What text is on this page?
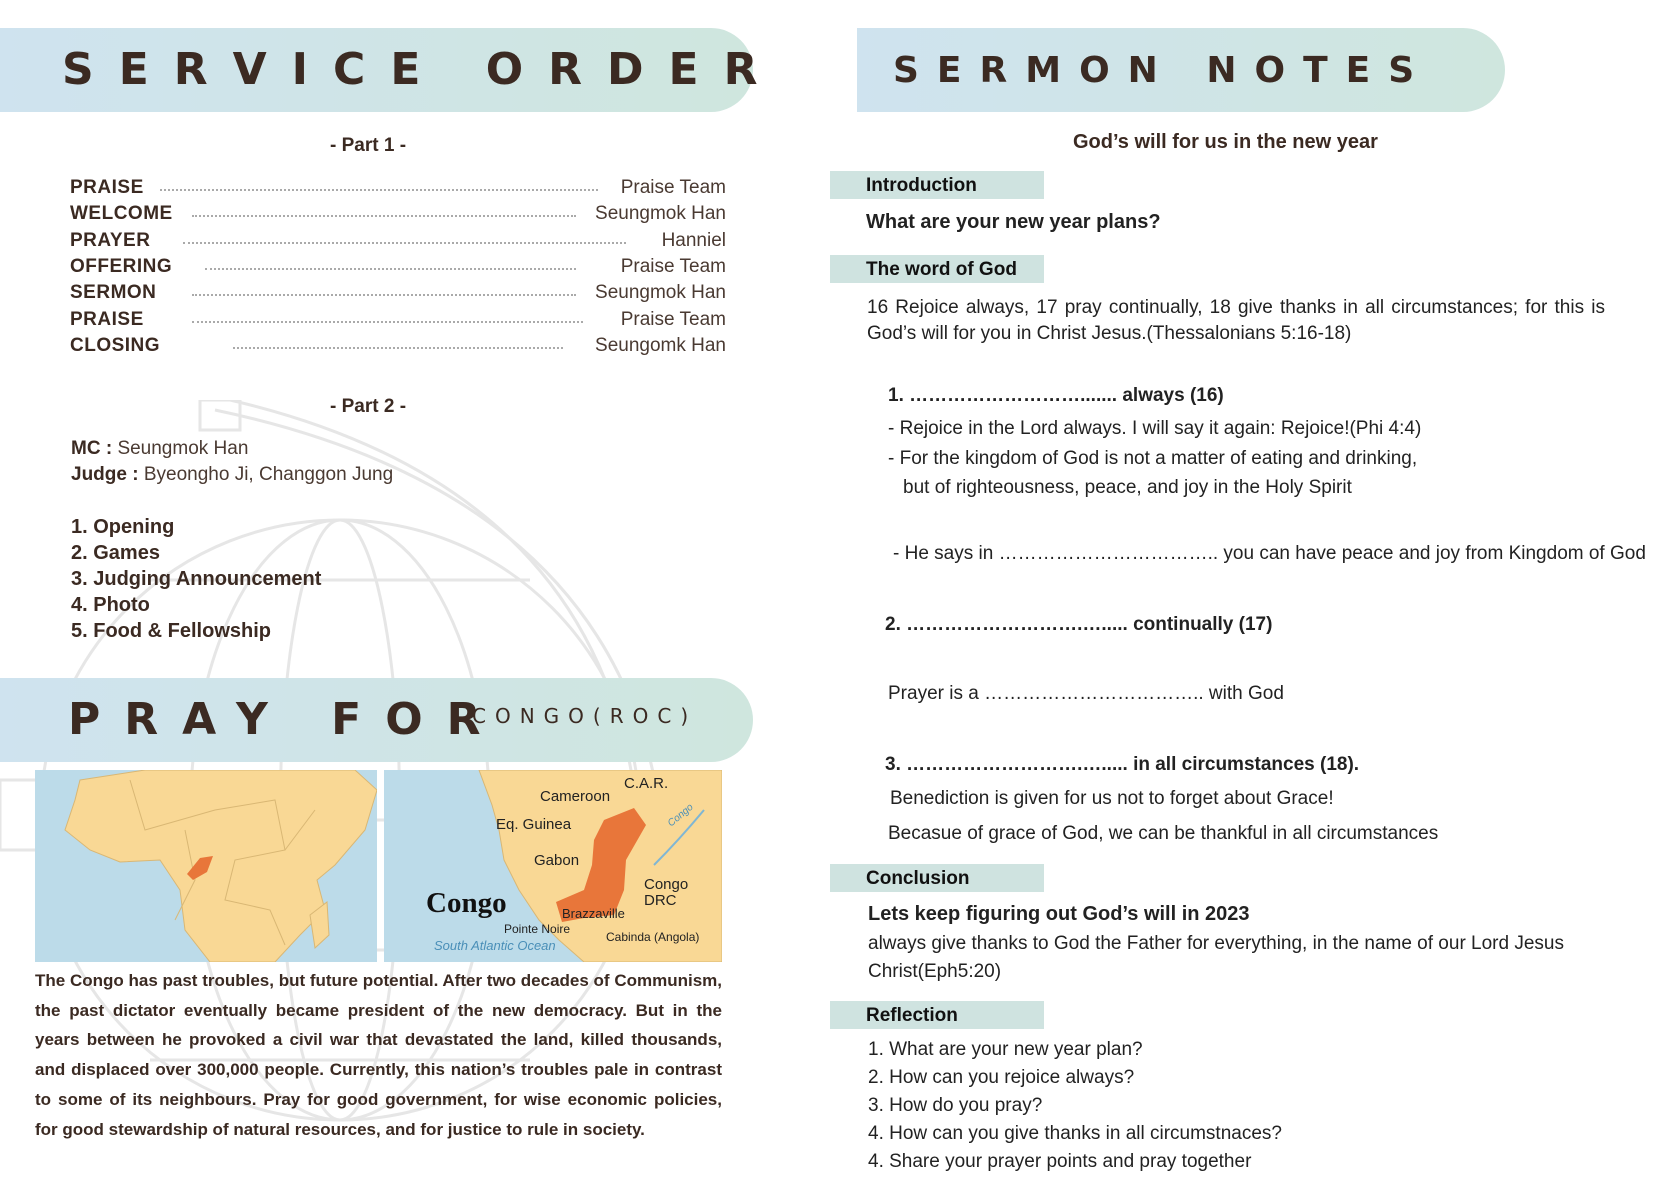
SERVICE ORDER
- Part 1 -
PRAISE	Praise Team
WELCOME	Seungmok Han
PRAYER	Hanniel
OFFERING	Praise Team
SERMON	Seungmok Han
PRAISE	Praise Team
CLOSING	Seungomk Han
- Part 2 -
MC : Seungmok Han
Judge : Byeongho Ji, Changgon Jung
1. Opening
2. Games
3. Judging Announcement
4. Photo
5. Food & Fellowship
PRAY FOR
CONGO(ROC)
Cameroon
C.A.R.
Eq. Guinea
Gabon
Congo
Congo DRC
Brazzaville
Pointe Noire
Cabinda (Angola)
South Atlantic Ocean
Congo
The Congo has past troubles, but future potential. After two decades of Communism, the past dictator eventually became president of the new democracy. But in the years between he provoked a civil war that devastated the land, killed thousands, and displaced over 300,000 people. Currently, this nation’s troubles pale in contrast to some of its neighbours. Pray for good government, for wise economic policies, for good stewardship of natural resources, and for justice to rule in society.
SERMON NOTES
God’s will for us in the new year
Introduction
What are your new year plans?
The word of God
16 Rejoice always, 17 pray continually, 18 give thanks in all circumstances; for this is God’s will for you in Christ Jesus.(Thessalonians 5:16-18)
1. ………………………....... always (16)
- Rejoice in the Lord always. I will say it again: Rejoice!(Phi 4:4)
- For the kingdom of God is not a matter of eating and drinking,
but of righteousness, peace, and joy in the Holy Spirit
- He says in …………………………….. you can have peace and joy from Kingdom of God
2. ……………………….…..... continually (17)
Prayer is a …………………………….. with God
3. ……………………….…..... in all circumstances (18).
Benediction is given for us not to forget about Grace!
Becasue of grace of God, we can be thankful in all circumstances
Conclusion
Lets keep figuring out God’s will in 2023
always give thanks to God the Father for everything, in the name of our Lord Jesus Christ(Eph5:20)
Reflection
1. What are your new year plan?
2. How can you rejoice always?
3. How do you pray?
4. How can you give thanks in all circumstnaces?
4. Share your prayer points and pray together
